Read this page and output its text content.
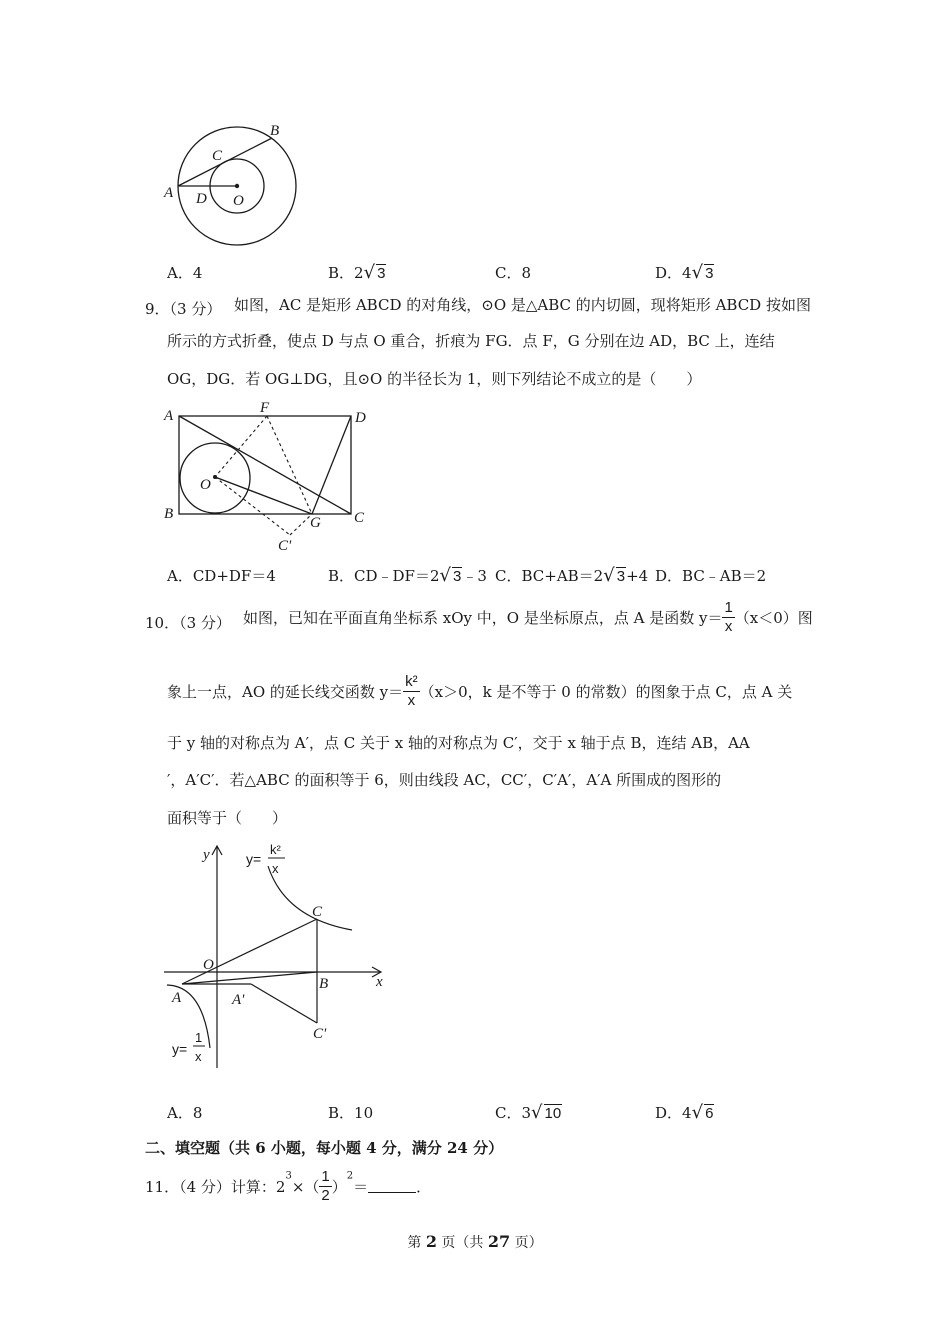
B
C
A D O
A．4	B．2√ 3	C．8	D．4√ 3
9．（3 分） 如图，AC 是矩形 ABCD 的对角线，⊙O 是△ABC 的内切圆，现将矩形 ABCD 按如图
所示的方式折叠，使点 D 与点 O 重合，折痕为 FG．点 F，G 分别在边 AD，BC 上，连结
OG，DG．若 OG⊥DG，且⊙O 的半径长为 1，则下列结论不成立的是（　　）
A	F
D
O
B
G C
C'
A．CD+DF＝4	B．CD﹣DF＝2√ 3﹣3 C．BC+AB＝2√ 3+4 D．BC﹣AB＝2
10．（3 分） 如图，已知在平面直角坐标系 xOy 中，O 是坐标原点，点 A 是函数 $y= \frac{1}{x} (x<0)$图
象上一点，AO 的延长线交函数 $y= \frac{\text{k²}}{x} (x>0$，k 是不等于 0 的常数）的图象于点 C，点 A 关
于 y 轴的对称点为 A′，点 C 关于 x 轴的对称点为 C′，交于 x 轴于点 B，连结 AB，AA
′，A′C′．若△ABC 的面积等于 6，则由线段 AC，CC′，C′A′，A′A 所围成的图形的
面积等于（　　）
y
x
O
A	A'
B
C
C'
y=
k²
x
y=
1
x
A．8	B．10	C．3√ 10	D．4√ 6
二、填空题（共 6 小题，每小题 4 分，满分 24 分）
11．（4 分）计算：$2^3\times( \frac{1}{2} )^2=$	．
第 2 页（共 27 页）
